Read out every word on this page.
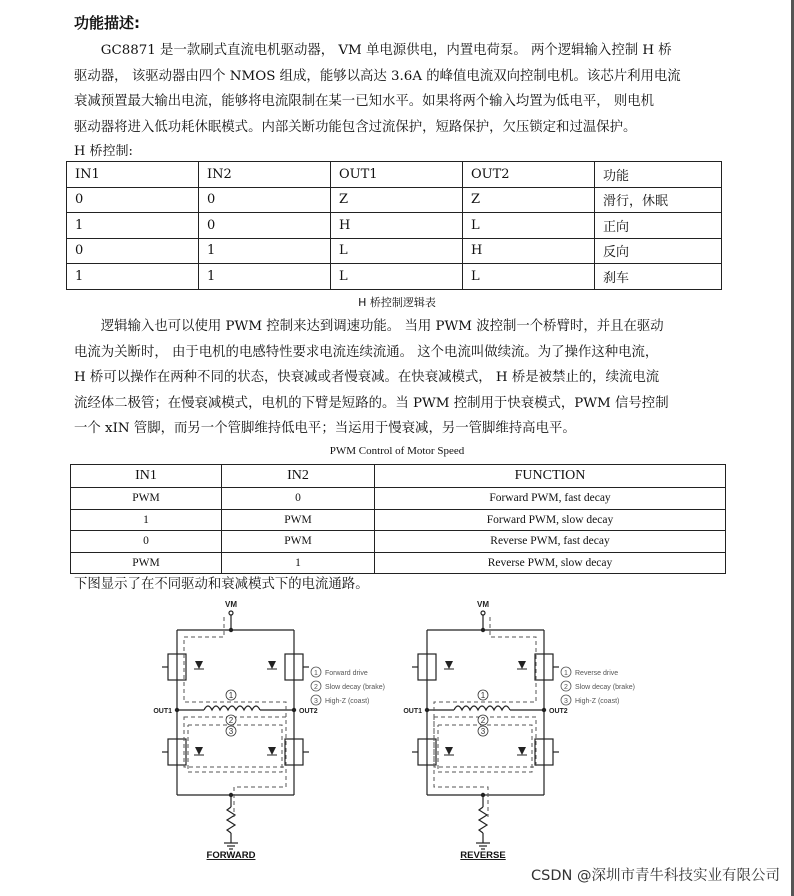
功能描述:
　　GC8871 是一款刷式直流电机驱动器， VM 单电源供电，内置电荷泵。 两个逻辑输入控制 H 桥
驱动器， 该驱动器由四个 NMOS 组成，能够以高达 3.6A 的峰值电流双向控制电机。该芯片利用电流
衰减预置最大输出电流，能够将电流限制在某一已知水平。如果将两个输入均置为低电平， 则电机
驱动器将进入低功耗休眠模式。内部关断功能包含过流保护，短路保护，欠压锁定和过温保护。
H 桥控制:
IN1	IN2	OUT1	OUT2	功能
0	0	Z	Z	滑行，休眠
1	0	H	L	正向
0	1	L	H	反向
1	1	L	L	刹车
H 桥控制逻辑表
　　逻辑输入也可以使用 PWM 控制来达到调速功能。 当用 PWM 波控制一个桥臂时，并且在驱动
电流为关断时， 由于电机的电感特性要求电流连续流通。 这个电流叫做续流。为了操作这种电流，
H 桥可以操作在两种不同的状态，快衰减或者慢衰减。在快衰减模式， H 桥是被禁止的，续流电流
流经体二极管；在慢衰减模式，电机的下臂是短路的。当 PWM 控制用于快衰模式，PWM 信号控制
一个 xIN 管脚，而另一个管脚维持低电平；当运用于慢衰减，另一管脚维持高电平。
PWM Control of Motor Speed
IN1	IN2	FUNCTION
PWM	0	Forward PWM, fast decay
1	PWM	Forward PWM, slow decay
0	PWM	Reverse PWM, fast decay
PWM	1	Reverse PWM, slow decay
下图显示了在不同驱动和衰减模式下的电流通路。
1
2
3
VM
OUT1	OUT2
1 Forward drive
2 Slow decay (brake)
3 High-Z (coast)
FORWARD
1
2
3
VM
OUT1	OUT2
1 Reverse drive
2 Slow decay (brake)
3 High-Z (coast)
REVERSE
CSDN @深圳市青牛科技实业有限公司
